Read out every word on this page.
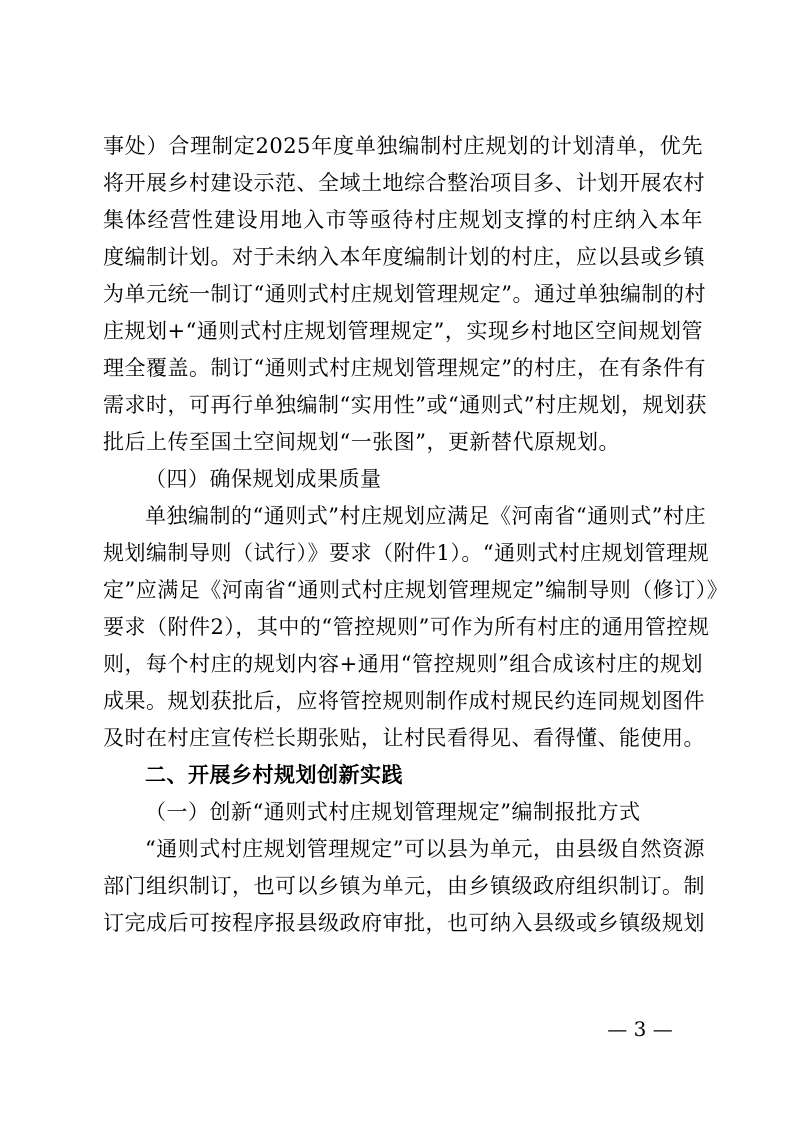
事处）合理制定2025年度单独编制村庄规划的计划清单，优先
将开展乡村建设示范、全域土地综合整治项目多、计划开展农村
集体经营性建设用地入市等亟待村庄规划支撑的村庄纳入本年
度编制计划。对于未纳入本年度编制计划的村庄，应以县或乡镇
为单元统一制订“通则式村庄规划管理规定”。通过单独编制的村
庄规划+“通则式村庄规划管理规定”，实现乡村地区空间规划管
理全覆盖。制订“通则式村庄规划管理规定”的村庄，在有条件有
需求时，可再行单独编制“实用性”或“通则式”村庄规划，规划获
批后上传至国土空间规划“一张图”，更新替代原规划。
（四）确保规划成果质量
单独编制的“通则式”村庄规划应满足《河南省“通则式”村庄
规划编制导则（试行）》要求（附件1）。“通则式村庄规划管理规
定”应满足《河南省“通则式村庄规划管理规定”编制导则（修订）》
要求（附件2），其中的“管控规则”可作为所有村庄的通用管控规
则，每个村庄的规划内容+通用“管控规则”组合成该村庄的规划
成果。规划获批后，应将管控规则制作成村规民约连同规划图件
及时在村庄宣传栏长期张贴，让村民看得见、看得懂、能使用。
二、开展乡村规划创新实践
（一）创新“通则式村庄规划管理规定”编制报批方式
“通则式村庄规划管理规定”可以县为单元，由县级自然资源
部门组织制订，也可以乡镇为单元，由乡镇级政府组织制订。制
订完成后可按程序报县级政府审批，也可纳入县级或乡镇级规划
— 3 —
